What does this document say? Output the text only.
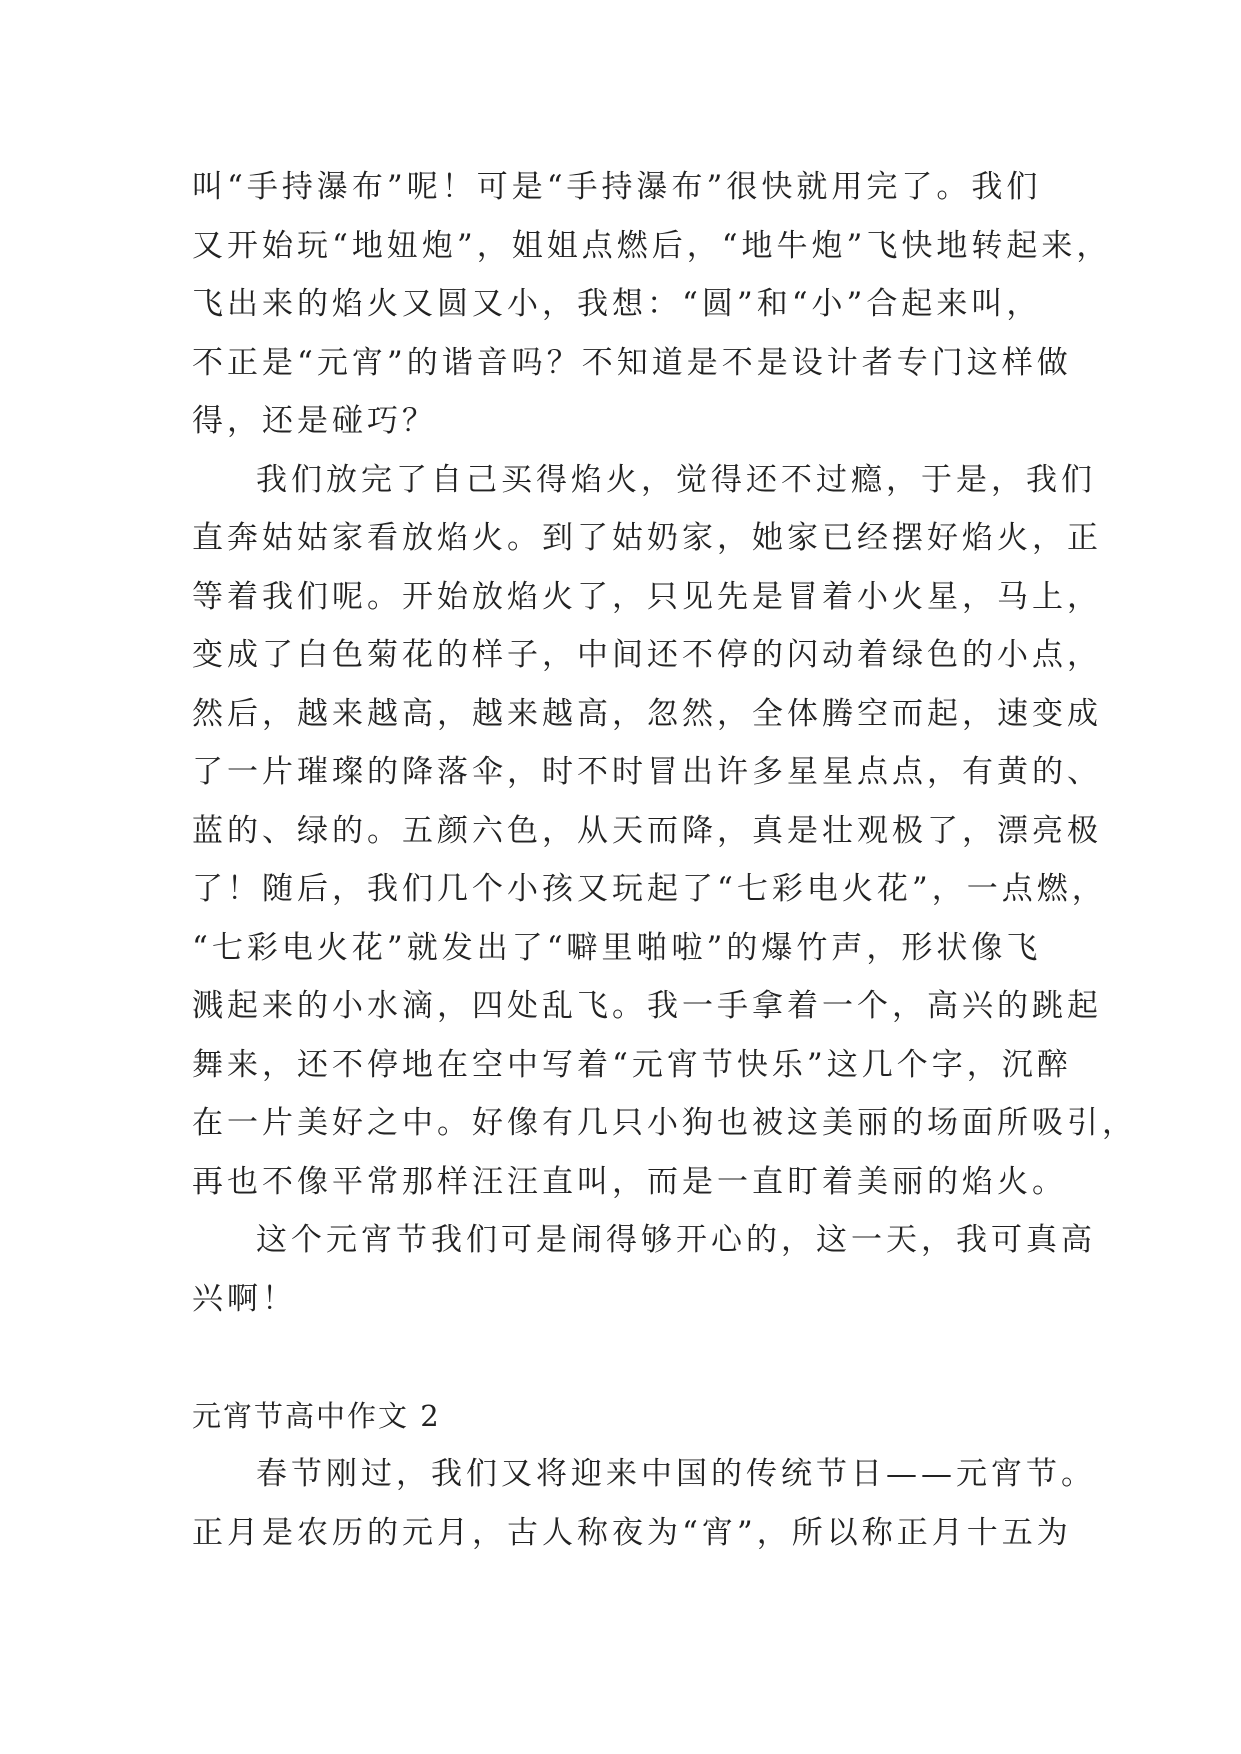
叫“手持瀑布”呢！可是“手持瀑布”很快就用完了。我们
又开始玩“地妞炮”，姐姐点燃后，“地牛炮”飞快地转起来，
飞出来的焰火又圆又小，我想：“圆”和“小”合起来叫，
不正是“元宵”的谐音吗？不知道是不是设计者专门这样做
得，还是碰巧？
我们放完了自己买得焰火，觉得还不过瘾，于是，我们
直奔姑姑家看放焰火。到了姑奶家，她家已经摆好焰火，正
等着我们呢。开始放焰火了，只见先是冒着小火星，马上，
变成了白色菊花的样子，中间还不停的闪动着绿色的小点，
然后，越来越高，越来越高，忽然，全体腾空而起，速变成
了一片璀璨的降落伞，时不时冒出许多星星点点，有黄的、
蓝的、绿的。五颜六色，从天而降，真是壮观极了，漂亮极
了！随后，我们几个小孩又玩起了“七彩电火花”，一点燃，
“七彩电火花”就发出了“噼里啪啦”的爆竹声，形状像飞
溅起来的小水滴，四处乱飞。我一手拿着一个，高兴的跳起
舞来，还不停地在空中写着“元宵节快乐”这几个字，沉醉
在一片美好之中。好像有几只小狗也被这美丽的场面所吸引，
再也不像平常那样汪汪直叫，而是一直盯着美丽的焰火。
这个元宵节我们可是闹得够开心的，这一天，我可真高
兴啊！
元宵节高中作文 2
春节刚过，我们又将迎来中国的传统节日——元宵节。
正月是农历的元月，古人称夜为“宵”，所以称正月十五为
